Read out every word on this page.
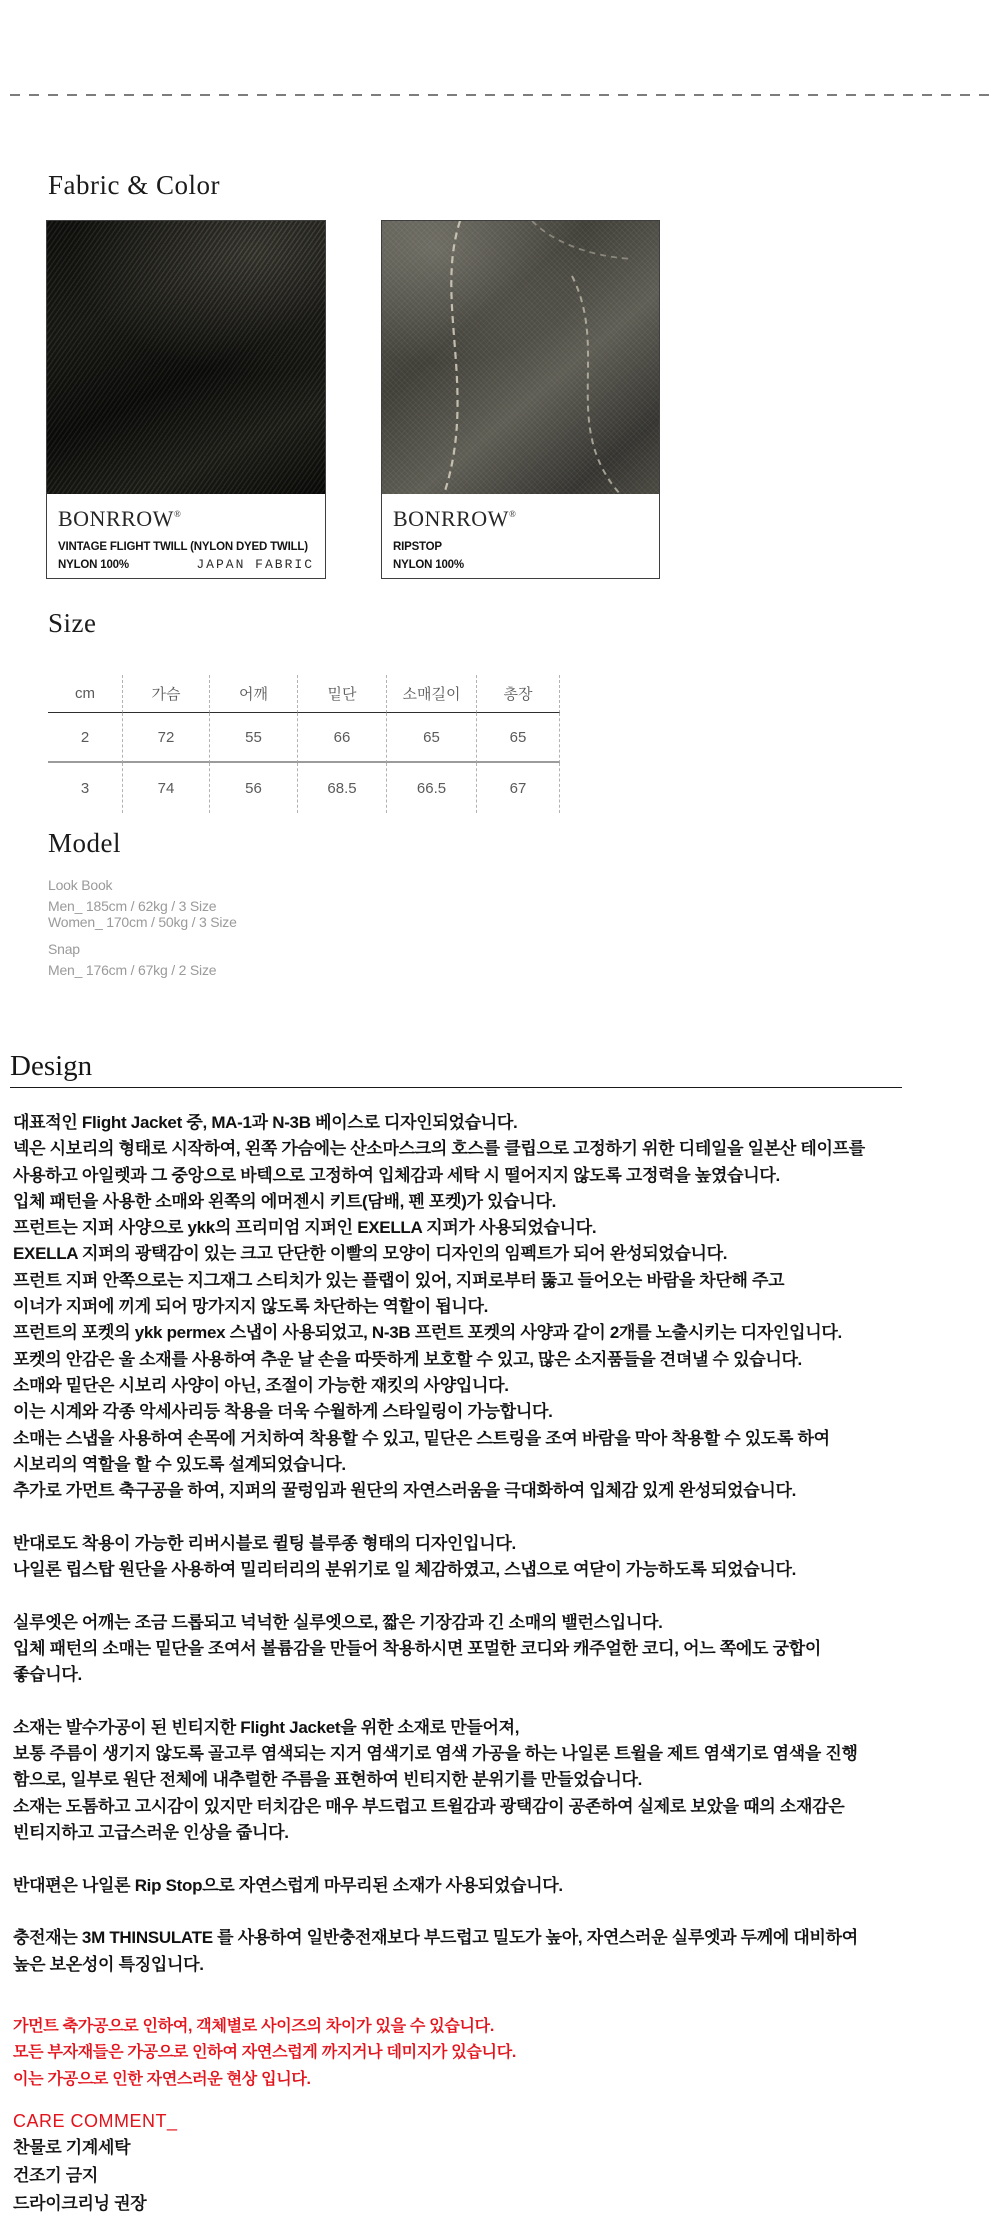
Fabric & Color
BONRROW®
VINTAGE FLIGHT TWILL (NYLON DYED TWILL)
NYLON 100%	JAPAN FABRIC
BONRROW®
RIPSTOP
NYLON 100%
Size
cm	가슴	어깨	밑단	소매길이	총장
2	72	55	66	65	65
3	74	56	68.5	66.5	67
Model
Look Book
Men_ 185cm / 62kg / 3 Size
Women_ 170cm / 50kg / 3 Size
Snap
Men_ 176cm / 67kg / 2 Size
Design
대표적인 Flight Jacket 중, MA-1과 N-3B 베이스로 디자인되었습니다.
넥은 시보리의 형태로 시작하여, 왼쪽 가슴에는 산소마스크의 호스를 클립으로 고정하기 위한 디테일을 일본산 테이프를
사용하고 아일렛과 그 중앙으로 바텍으로 고정하여 입체감과 세탁 시 떨어지지 않도록 고정력을 높였습니다.
입체 패턴을 사용한 소매와 왼쪽의 에머젠시 키트(담배, 펜 포켓)가 있습니다.
프런트는 지퍼 사양으로 ykk의 프리미엄 지퍼인 EXELLA 지퍼가 사용되었습니다.
EXELLA 지퍼의 광택감이 있는 크고 단단한 이빨의 모양이 디자인의 임펙트가 되어 완성되었습니다.
프런트 지퍼 안쪽으로는 지그재그 스티치가 있는 플랩이 있어, 지퍼로부터 뚫고 들어오는 바람을 차단해 주고
이너가 지퍼에 끼게 되어 망가지지 않도록 차단하는 역할이 됩니다.
프런트의 포켓의 ykk permex 스냅이 사용되었고, N-3B 프런트 포켓의 사양과 같이 2개를 노출시키는 디자인입니다.
포켓의 안감은 울 소재를 사용하여 추운 날 손을 따뜻하게 보호할 수 있고, 많은 소지품들을 견뎌낼 수 있습니다.
소매와 밑단은 시보리 사양이 아닌, 조절이 가능한 재킷의 사양입니다.
이는 시계와 각종 악세사리등 착용을 더욱 수월하게 스타일링이 가능합니다.
소매는 스냅을 사용하여 손목에 거치하여 착용할 수 있고, 밑단은 스트링을 조여 바람을 막아 착용할 수 있도록 하여
시보리의 역할을 할 수 있도록 설계되었습니다.
추가로 가먼트 축구공을 하여, 지퍼의 꿀렁임과 원단의 자연스러움을 극대화하여 입체감 있게 완성되었습니다.
반대로도 착용이 가능한 리버시블로 퀼팅 블루종 형태의 디자인입니다.
나일론 립스탑 원단을 사용하여 밀리터리의 분위기로 일 체감하였고, 스냅으로 여닫이 가능하도록 되었습니다.
실루엣은 어깨는 조금 드롭되고 넉넉한 실루엣으로, 짧은 기장감과 긴 소매의 밸런스입니다.
입체 패턴의 소매는 밑단을 조여서 볼륨감을 만들어 착용하시면 포멀한 코디와 캐주얼한 코디, 어느 쪽에도 궁합이
좋습니다.
소재는 발수가공이 된 빈티지한 Flight Jacket을 위한 소재로 만들어져,
보통 주름이 생기지 않도록 골고루 염색되는 지거 염색기로 염색 가공을 하는 나일론 트윌을 제트 염색기로 염색을 진행
함으로, 일부로 원단 전체에 내추럴한 주름을 표현하여 빈티지한 분위기를 만들었습니다.
소재는 도톰하고 고시감이 있지만 터치감은 매우 부드럽고 트윌감과 광택감이 공존하여 실제로 보았을 때의 소재감은
빈티지하고 고급스러운 인상을 줍니다.
반대편은 나일론 Rip Stop으로 자연스럽게 마무리된 소재가 사용되었습니다.
충전재는 3M THINSULATE 를 사용하여 일반충전재보다 부드럽고 밀도가 높아, 자연스러운 실루엣과 두께에 대비하여
높은 보온성이 특징입니다.
가먼트 축가공으로 인하여, 객체별로 사이즈의 차이가 있을 수 있습니다.
모든 부자재들은 가공으로 인하여 자연스럽게 까지거나 데미지가 있습니다.
이는 가공으로 인한 자연스러운 현상 입니다.
CARE COMMENT_
찬물로 기계세탁
건조기 금지
드라이크리닝 권장
